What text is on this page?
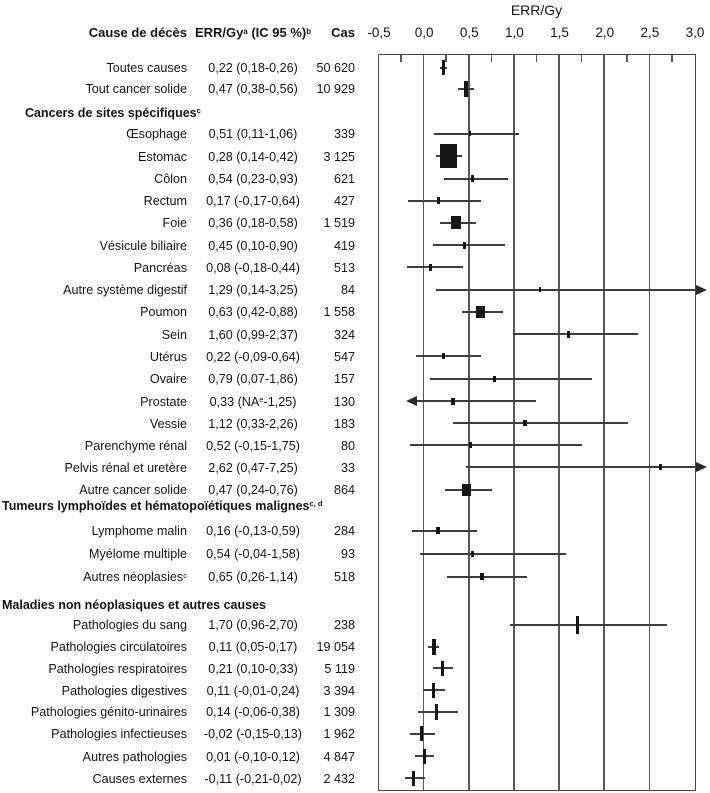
ERR/Gy
Cause de décès ERR/Gy$^a$ (IC 95 %)$^b$	Cas -0,5 0,0 0,5 1,0 1,5 2,0 2,5 3,0
Toutes causes	0,22 (0,18-0,26)	50 620
Tout cancer solide	0,47 (0,38-0,56)	10 929
Cancers de sites spécifiques$^c$
Œsophage	0,51 (0,11-1,06)	339
Estomac	0,28 (0,14-0,42)	3 125
Côlon	0,54 (0,23-0,93)	621
Rectum	0,17 (-0,17-0,64)	427
Foie	0,36 (0,18-0,58)	1 519
Vésicule biliaire	0,45 (0,10-0,90)	419
Pancréas	0,08 (-0,18-0,44)	513
Autre système digestif	1,29 (0,14-3,25)	84
Poumon	0,63 (0,42-0,88)	1 558
Sein	1,60 (0,99-2,37)	324
Utérus	0,22 (-0,09-0,64)	547
Ovaire	0,79 (0,07-1,86)	157
Prostate	0,33 $(NA^e-1,25)$	130
Vessie	1,12 (0,33-2,26)	183
Parenchyme rénal	0,52 (-0,15-1,75)	80
Pelvis rénal et uretère	2,62 (0,47-7,25)	33
Autre cancer solide	0,47 (0,24-0,76)	864
Tumeurs lymphoïdes et hématopoïétiques malignes$^{c, d}$
Lymphome malin	0,16 (-0,13-0,59)	284
Myélome multiple	0,54 (-0,04-1,58)	93
Autres néoplasies$^c$	0,65 (0,26-1,14)	518
Maladies non néoplasiques et autres causes
Pathologies du sang	1,70 (0,96-2,70)	238
Pathologies circulatoires	0,11 (0,05-0,17)	19 054
Pathologies respiratoires	0,21 (0,10-0,33)	5 119
Pathologies digestives	0,11 (-0,01-0,24)	3 394
Pathologies génito-urinaires	0,14 (-0,06-0,38)	1 309
Pathologies infectieuses	-0,02 (-0,15-0,13)	1 962
Autres pathologies	0,01 (-0,10-0,12)	4 847
Causes externes	-0,11 (-0,21-0,02)	2 432
